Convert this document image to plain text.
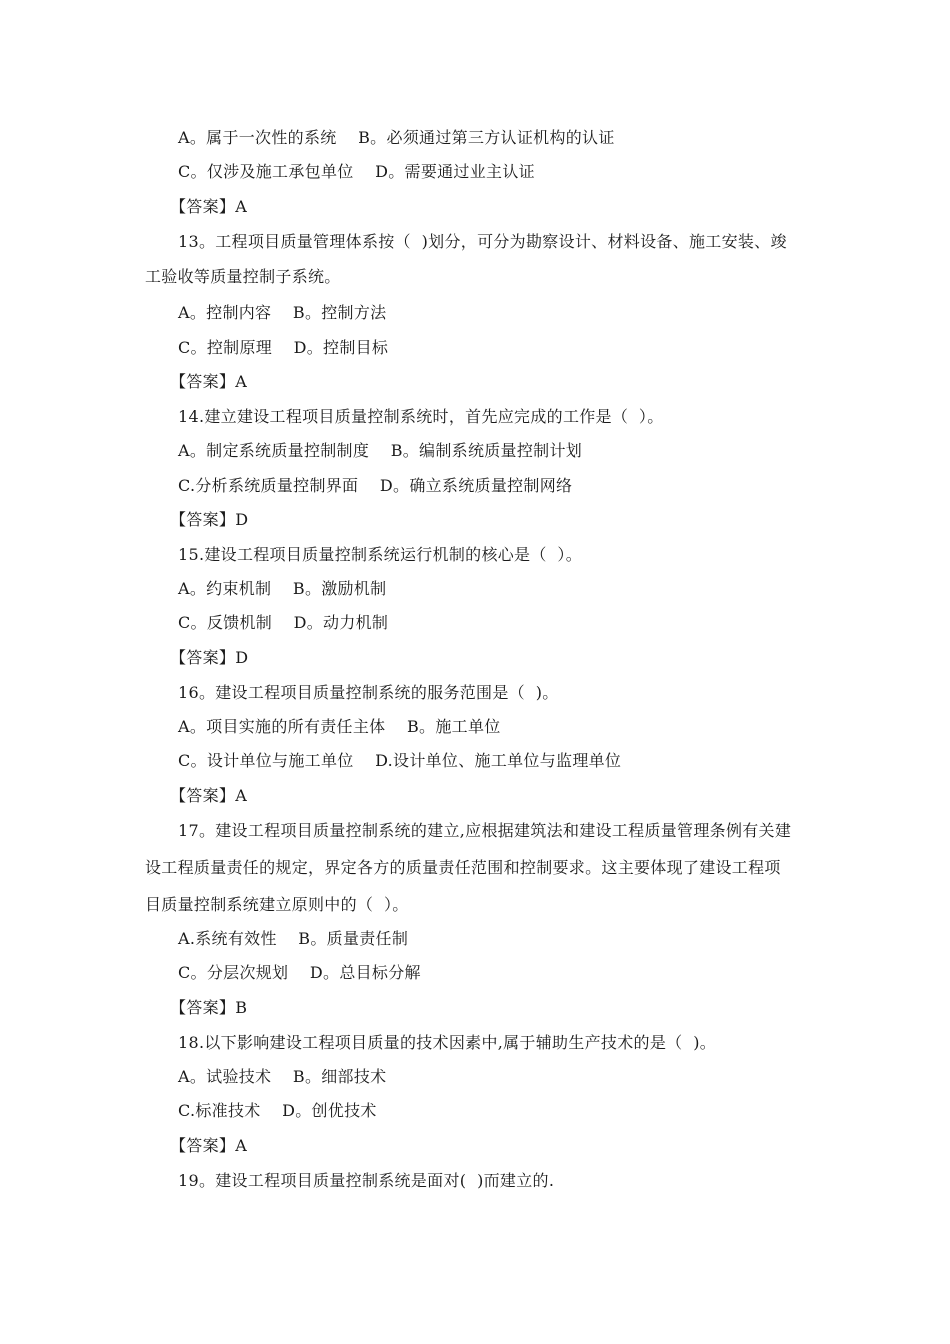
A。属于一次性的系统    B。必须通过第三方认证机构的认证
C。仅涉及施工承包单位    D。需要通过业主认证
【答案】A
13。工程项目质量管理体系按（  )划分，可分为勘察设计、材料设备、施工安装、竣
工验收等质量控制子系统。
A。控制内容    B。控制方法
C。控制原理    D。控制目标
【答案】A
14.建立建设工程项目质量控制系统时，首先应完成的工作是（  ）。
A。制定系统质量控制制度    B。编制系统质量控制计划
C.分析系统质量控制界面    D。确立系统质量控制网络
【答案】D
15.建设工程项目质量控制系统运行机制的核心是（  ）。
A。约束机制    B。激励机制
C。反馈机制    D。动力机制
【答案】D
16。建设工程项目质量控制系统的服务范围是（  )。
A。项目实施的所有责任主体    B。施工单位
C。设计单位与施工单位    D.设计单位、施工单位与监理单位
【答案】A
17。建设工程项目质量控制系统的建立,应根据建筑法和建设工程质量管理条例有关建
设工程质量责任的规定，界定各方的质量责任范围和控制要求。这主要体现了建设工程项
目质量控制系统建立原则中的（  ）。
A.系统有效性    B。质量责任制
C。分层次规划    D。总目标分解
【答案】B
18.以下影响建设工程项目质量的技术因素中,属于辅助生产技术的是（  )。
A。试验技术    B。细部技术
C.标准技术    D。创优技术
【答案】A
19。建设工程项目质量控制系统是面对(  )而建立的.
